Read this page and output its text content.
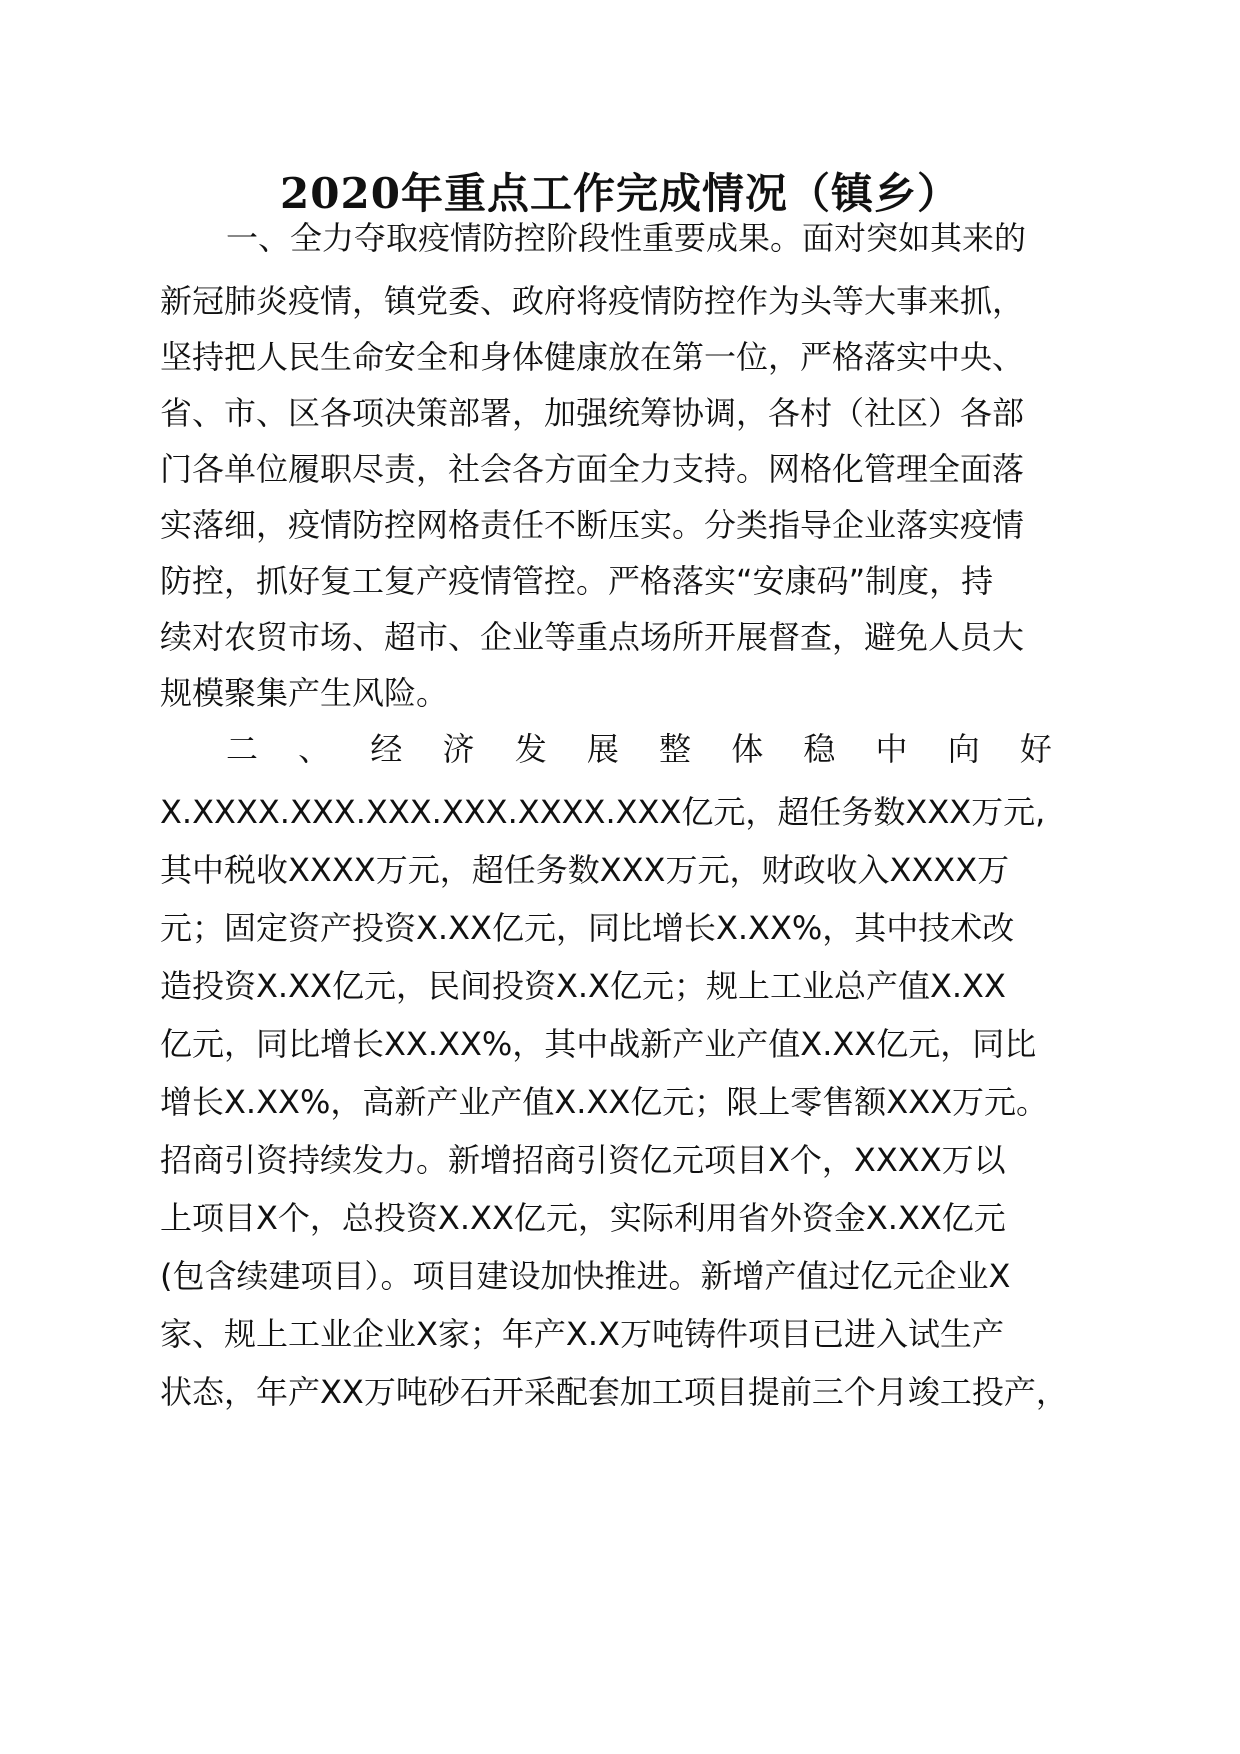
2020年重点工作完成情况（镇乡）

一、全力夺取疫情防控阶段性重要成果。面对突如其来的

新冠肺炎疫情，镇党委、政府将疫情防控作为头等大事来抓，

坚持把人民生命安全和身体健康放在第一位，严格落实中央、

省、市、区各项决策部署，加强统筹协调，各村（社区）各部

门各单位履职尽责，社会各方面全力支持。网格化管理全面落

实落细，疫情防控网格责任不断压实。分类指导企业落实疫情

防控，抓好复工复产疫情管控。严格落实“安康码”制度，持

续对农贸市场、超市、企业等重点场所开展督查，避免人员大

规模聚集产生风险。

二 、 经 济 发 展 整 体 稳 中 向 好

X.XXXX.XXX.XXX.XXX.XXXX.XXX亿元，超任务数XXX万元,

其中税收XXXX万元，超任务数XXX万元，财政收入XXXX万

元；固定资产投资X.XX亿元，同比增长X.XX%，其中技术改

造投资X.XX亿元，民间投资X.X亿元；规上工业总产值X.XX

亿元，同比增长XX.XX%，其中战新产业产值X.XX亿元，同比

增长X.XX%，高新产业产值X.XX亿元；限上零售额XXX万元。

招商引资持续发力。新增招商引资亿元项目X个，XXXX万以

上项目X个，总投资X.XX亿元，实际利用省外资金X.XX亿元

(包含续建项目）。项目建设加快推进。新增产值过亿元企业X

家、规上工业企业X家；年产X.X万吨铸件项目已进入试生产

状态，年产XX万吨砂石开采配套加工项目提前三个月竣工投产，
